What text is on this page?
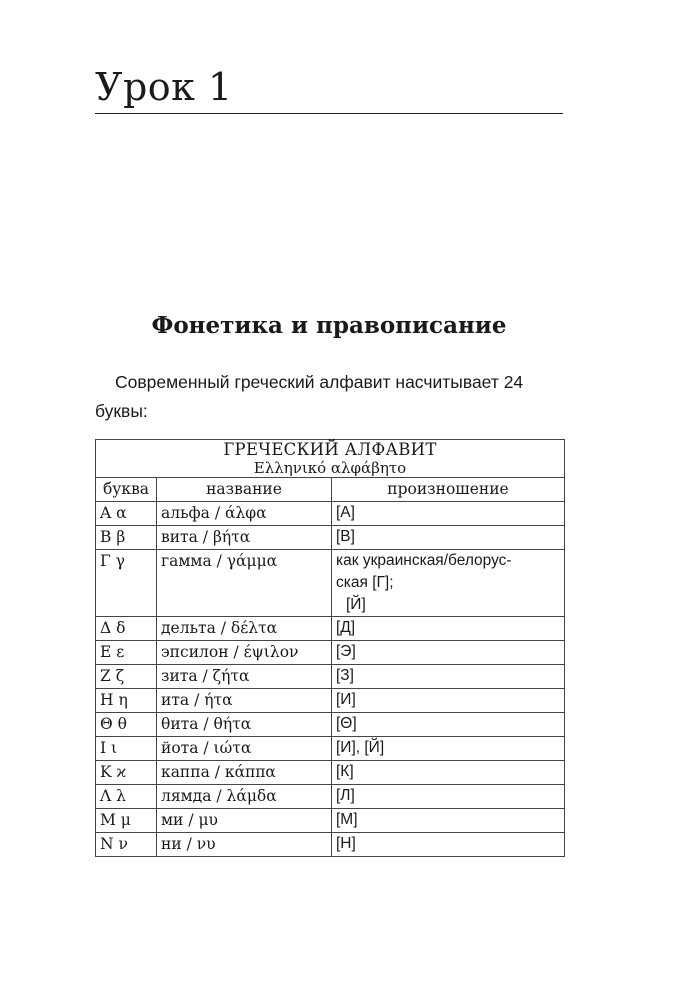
Урок 1
Фонетика и правописание

Современный греческий алфавит насчитывает 24 буквы:

ГРЕЧЕСКИЙ АЛФАВИТ
Ελληνικό αλφάβητο		

буква	название	произношение
Α α	альфа / άλφα	[А]
Β β	вита / βήτα	[В]
Γ γ	гамма / γάμμα	как украинская/белорус-
ская [Г];
[Й]

Δ δ	дельта / δέλτα	[Д]
Ε ε	эпсилон / έψιλον	[Э]
Ζ ζ	зита / ζήτα	[З]
Η η	ита / ήτα	[И]
Θ θ	θита / θήτα	[Θ]
Ι ι	йота / ιώτα	[И], [Й]
Κ ϰ	каппа / κάππα	[К]
Λ λ	лямда / λάμδα	[Л]
Μ μ	ми / μυ	[М]
Ν ν	ни / νυ	[Н]
